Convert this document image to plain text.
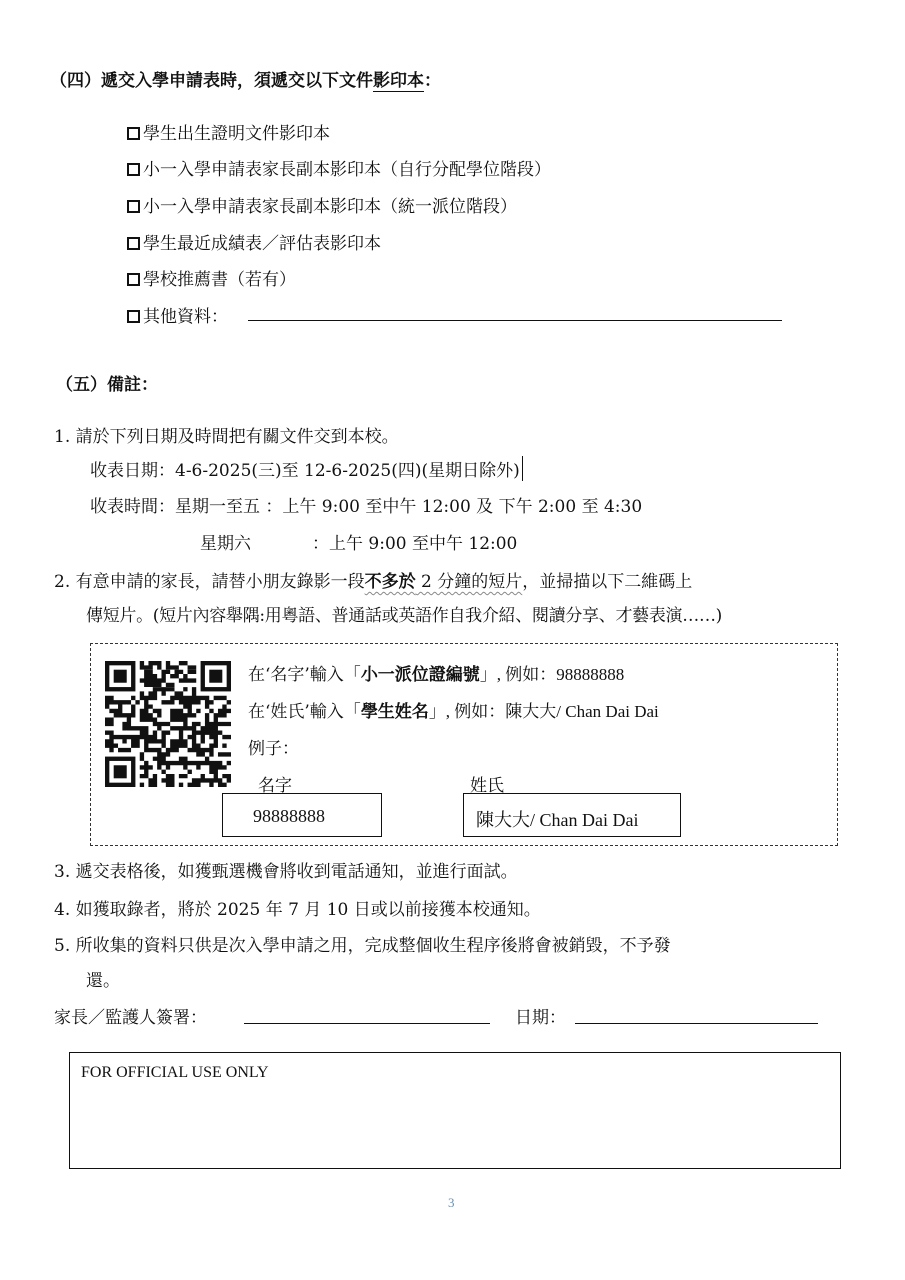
（四）遞交入學申請表時，須遞交以下文件影印本：
學生出生證明文件影印本
小一入學申請表家長副本影印本（自行分配學位階段）
小一入學申請表家長副本影印本（統一派位階段）
學生最近成績表／評估表影印本
學校推薦書（若有）
其他資料：
（五）備註：
1. 請於下列日期及時間把有關文件交到本校。
收表日期：4-6-2025(三)至 12-6-2025(四)(星期日除外)
收表時間：星期一至五 ：上午 9:00 至中午 12:00 及 下午 2:00 至 4:30
星期六	：上午 9:00 至中午 12:00
2. 有意申請的家長，請替小朋友錄影一段不多於 2 分鐘的短片，並掃描以下二維碼上
傳短片。(短片內容舉隅:用粵語、普通話或英語作自我介紹、閱讀分享、才藝表演……)
在‘名字’輸入「小一派位證編號」, 例如：98888888
在‘姓氏’輸入「學生姓名」, 例如：陳大大/ Chan Dai Dai
例子：
名字	姓氏
98888888	陳大大/ Chan Dai Dai
3. 遞交表格後，如獲甄選機會將收到電話通知，並進行面試。
4. 如獲取錄者，將於 2025 年 7 月 10 日或以前接獲本校通知。
5. 所收集的資料只供是次入學申請之用，完成整個收生程序後將會被銷毀，不予發
還。
家長／監護人簽署：	日期：
FOR OFFICIAL USE ONLY
3
